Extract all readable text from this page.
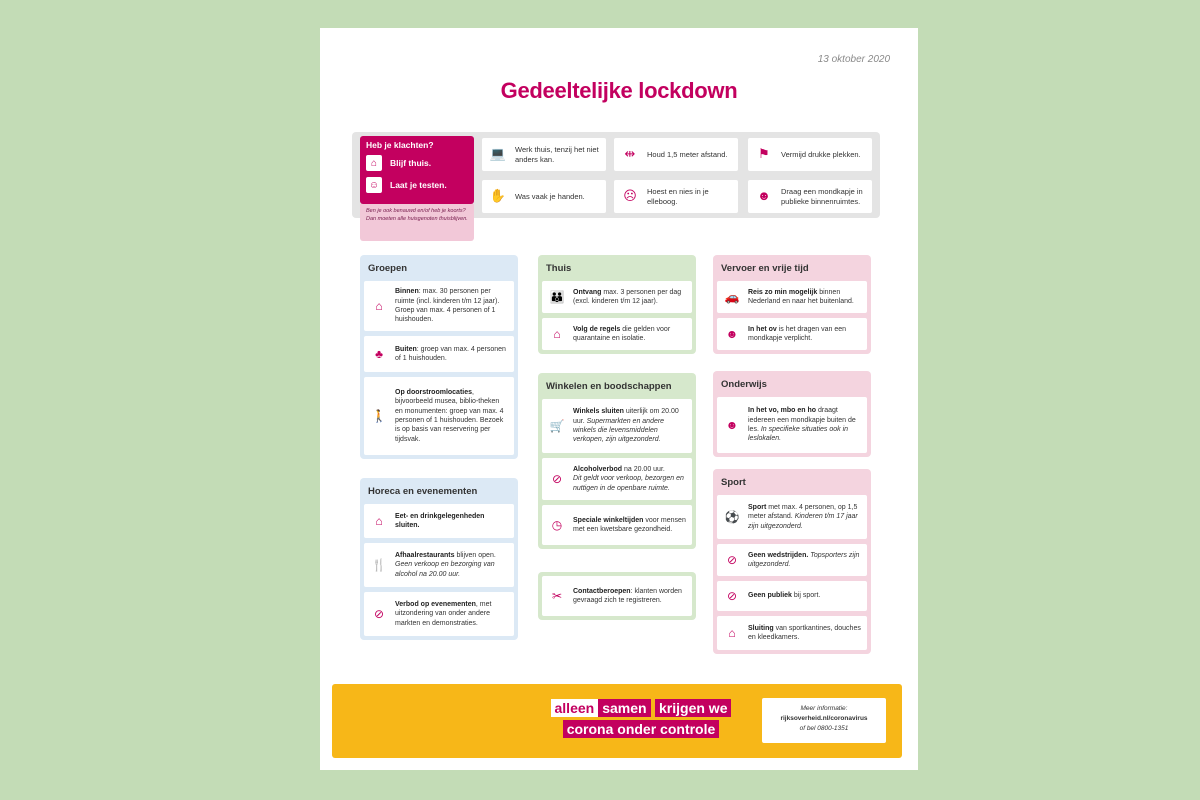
13 oktober 2020
Gedeeltelijke lockdown
Heb je klachten?
⌂	Blijf thuis.
☺	Laat je testen.
Ben je ook benauwd en/of heb je koorts? Dan moeten alle huisgenoten thuisblijven.
💻	Werk thuis, tenzij het niet anders kan.	⇹	Houd 1,5 meter afstand.	⚑	Vermijd drukke plekken.
✋	Was vaak je handen.	☹	Hoest en nies in je elleboog.	☻	Draag een mondkapje in publieke binnenruimtes.
Groepen
⌂
Binnen: max. 30 personen per ruimte (incl. kinderen t/m 12 jaar). Groep van max. 4 personen of 1 huishouden.
♣	Buiten: groep van max. 4 personen of 1 huishouden.
🚶
Op doorstroomlocaties, bijvoorbeeld musea, biblio-theken en monumenten: groep van max. 4 personen of 1 huishouden. Bezoek is op basis van reservering per tijdsvak.
Horeca en evenementen
⌂	Eet- en drinkgelegenheden sluiten.
🍴
Afhaalrestaurants blijven open.
Geen verkoop en bezorging van alcohol na 20.00 uur.
⊘
Verbod op evenementen, met uitzondering van onder andere markten en demonstraties.
Thuis
👪	Ontvang max. 3 personen per dag (excl. kinderen t/m 12 jaar).
⌂	Volg de regels die gelden voor quarantaine en isolatie.
Winkelen en boodschappen
🛒
Winkels sluiten uiterlijk om 20.00 uur. Supermarkten en andere winkels die levensmiddelen verkopen, zijn uitgezonderd.
⊘
Alcoholverbod na 20.00 uur.
Dit geldt voor verkoop, bezorgen en nuttigen in de openbare ruimte.
◷	Speciale winkeltijden voor mensen met een kwetsbare gezondheid.
✂	Contactberoepen: klanten worden gevraagd zich te registreren.
Vervoer en vrije tijd
🚗	Reis zo min mogelijk binnen Nederland en naar het buitenland.
☻	In het ov is het dragen van een mondkapje verplicht.
Onderwijs
☻
In het vo, mbo en ho draagt iedereen een mondkapje buiten de les. In specifieke situaties ook in leslokalen.
Sport
⚽
Sport met max. 4 personen, op 1,5 meter afstand. Kinderen t/m 17 jaar zijn uitgezonderd.
⊘	Geen wedstrijden. Topsporters zijn uitgezonderd.
⊘	Geen publiek bij sport.
⌂	Sluiting van sportkantines, douches en kleedkamers.
alleen samen krijgen we
corona onder controle
Meer informatie:
rijksoverheid.nl/coronavirus
of bel 0800-1351
